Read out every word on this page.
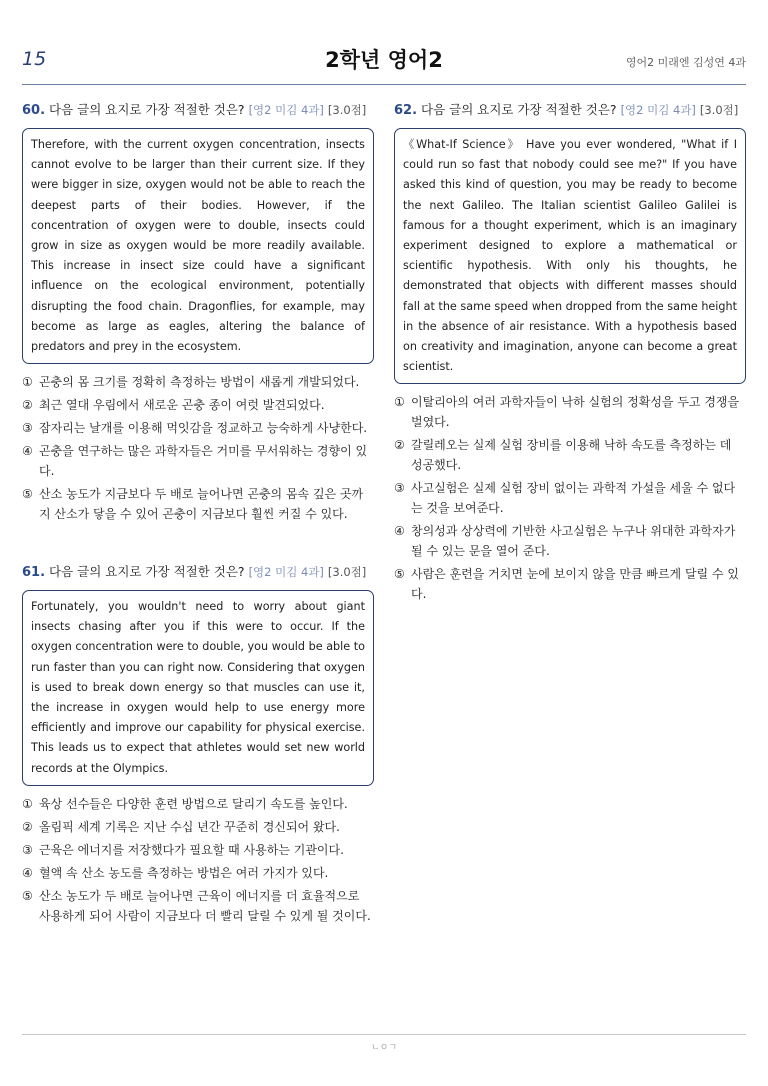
15	2학년 영어2	영어2 미래엔 김성연 4과
60. 다음 글의 요지로 가장 적절한 것은? [영2 미김 4과] [3.0점]
Therefore, with the current oxygen concentration, insects cannot evolve to be larger than their current size. If they were bigger in size, oxygen would not be able to reach the deepest parts of their bodies. However, if the concentration of oxygen were to double, insects could grow in size as oxygen would be more readily available. This increase in insect size could have a significant influence on the ecological environment, potentially disrupting the food chain. Dragonflies, for example, may become as large as eagles, altering the balance of predators and prey in the ecosystem.
① 곤충의 몸 크기를 정확히 측정하는 방법이 새롭게 개발되었다.
② 최근 열대 우림에서 새로운 곤충 종이 여럿 발견되었다.
③ 잠자리는 날개를 이용해 먹잇감을 정교하고 능숙하게 사냥한다.
④ 곤충을 연구하는 많은 과학자들은 거미를 무서워하는 경향이 있다.
⑤ 산소 농도가 지금보다 두 배로 늘어나면 곤충의 몸속 깊은 곳까지 산소가 닿을 수 있어 곤충이 지금보다 훨씬 커질 수 있다.
61. 다음 글의 요지로 가장 적절한 것은? [영2 미김 4과] [3.0점]
Fortunately, you wouldn't need to worry about giant insects chasing after you if this were to occur. If the oxygen concentration were to double, you would be able to run faster than you can right now. Considering that oxygen is used to break down energy so that muscles can use it, the increase in oxygen would help to use energy more efficiently and improve our capability for physical exercise. This leads us to expect that athletes would set new world records at the Olympics.
① 육상 선수들은 다양한 훈련 방법으로 달리기 속도를 높인다.
② 올림픽 세계 기록은 지난 수십 년간 꾸준히 경신되어 왔다.
③ 근육은 에너지를 저장했다가 필요할 때 사용하는 기관이다.
④ 혈액 속 산소 농도를 측정하는 방법은 여러 가지가 있다.
⑤ 산소 농도가 두 배로 늘어나면 근육이 에너지를 더 효율적으로 사용하게 되어 사람이 지금보다 더 빨리 달릴 수 있게 될 것이다.
62. 다음 글의 요지로 가장 적절한 것은? [영2 미김 4과] [3.0점]
《What-If Science》 Have you ever wondered, "What if I could run so fast that nobody could see me?" If you have asked this kind of question, you may be ready to become the next Galileo. The Italian scientist Galileo Galilei is famous for a thought experiment, which is an imaginary experiment designed to explore a mathematical or scientific hypothesis. With only his thoughts, he demonstrated that objects with different masses should fall at the same speed when dropped from the same height in the absence of air resistance. With a hypothesis based on creativity and imagination, anyone can become a great scientist.
① 이탈리아의 여러 과학자들이 낙하 실험의 정확성을 두고 경쟁을 벌였다.
② 갈릴레오는 실제 실험 장비를 이용해 낙하 속도를 측정하는 데 성공했다.
③ 사고실험은 실제 실험 장비 없이는 과학적 가설을 세울 수 없다는 것을 보여준다.
④ 창의성과 상상력에 기반한 사고실험은 누구나 위대한 과학자가 될 수 있는 문을 열어 준다.
⑤ 사람은 훈련을 거치면 눈에 보이지 않을 만큼 빠르게 달릴 수 있다.
ㄴㅇㄱ
